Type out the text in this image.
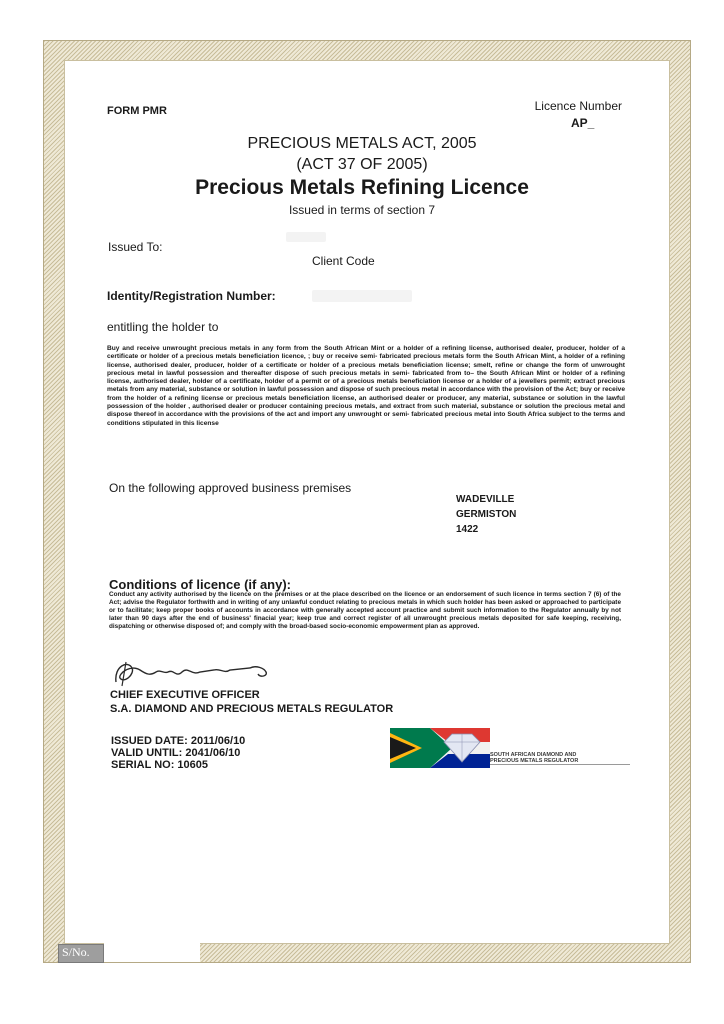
FORM PMR	Licence Number
AP_
PRECIOUS METALS ACT, 2005
(ACT 37 OF 2005)
Precious Metals Refining Licence
Issued in terms of section 7
Issued To:
Client Code
Identity/Registration Number:
entitling the holder to
Buy and receive unwrought precious metals in any form from the South African Mint or a holder of a refining license, authorised dealer, producer, holder of a certificate or holder of a precious metals beneficiation licence, ; buy or receive semi- fabricated precious metals form the South African Mint, a holder of a refining license, authorised dealer, producer, holder of a certificate or holder of a precious metals beneficiation license; smelt, refine or change the form of unwrought precious metal in lawful possession and thereafter dispose of such precious metals in semi- fabricated from to– the South African Mint or holder of a refining license, authorised dealer, holder of a certificate, holder of a permit or of a precious metals beneficiation license or a holder of a jewellers permit; extract precious metals from any material, substance or solution in lawful possession and dispose of such precious metal in accordance with the provision of the Act; buy or receive from the holder of a refining license or precious metals beneficiation license, an authorised dealer or producer, any material, substance or solution in the lawful possession of the holder , authorised dealer or producer containing precious metals, and extract from such material, substance or solution the precious metal and dispose thereof in accordance with the provisions of the act and import any unwrought or semi- fabricated precious metal into South Africa subject to the terms and conditions stipulated in this license
On the following approved business premises
WADEVILLE
GERMISTON
1422
Conditions of licence (if any):
Conduct any activity authorised by the licence on the premises or at the place described on the licence or an endorsement of such licence in terms section 7 (6) of the Act; advise the Regulator forthwith and in writing of any unlawful conduct relating to precious metals in which such holder has been asked or approached to participate or to facilitate; keep proper books of accounts in accordance with generally accepted account practice and submit such information to the Regulator annually by not later than 90 days after the end of business' finacial year; keep true and correct register of all unwrought precious metals deposited for safe keeping, receiving, dispatching or otherwise disposed of; and comply with the broad-based socio-economic empowerment plan as approved.
CHIEF EXECUTIVE OFFICER
S.A. DIAMOND AND PRECIOUS METALS REGULATOR
ISSUED DATE: 2011/06/10
VALID UNTIL: 2041/06/10
SERIAL NO: 10605
SOUTH AFRICAN DIAMOND AND
PRECIOUS METALS REGULATOR
S/No.
